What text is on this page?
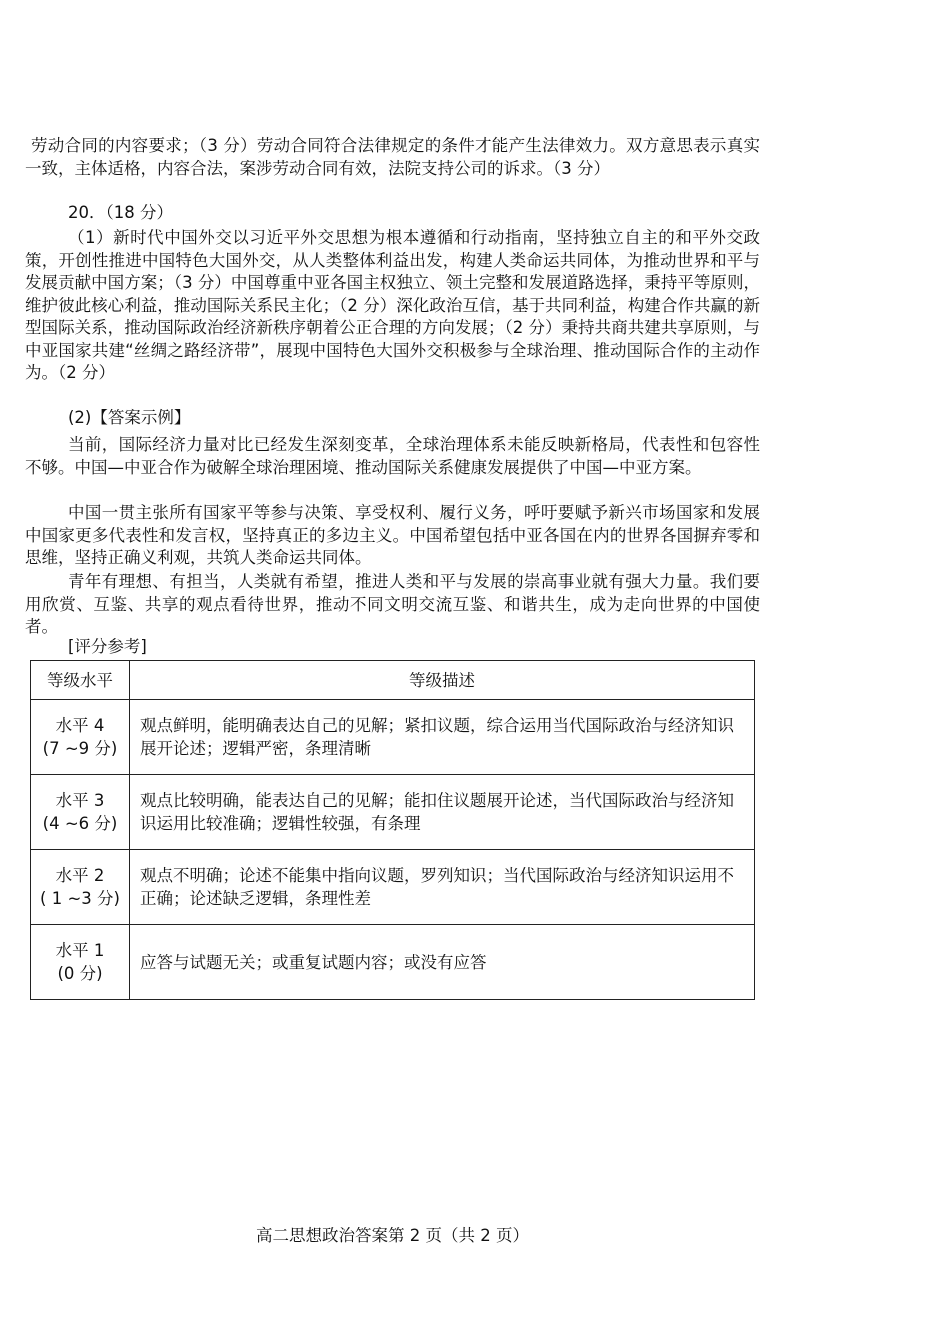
劳动合同的内容要求；（3 分）劳动合同符合法律规定的条件才能产生法律效力。双方意思表示真实一致，主体适格，内容合法，案涉劳动合同有效，法院支持公司的诉求。（3 分）

20．（18 分）

（1）新时代中国外交以习近平外交思想为根本遵循和行动指南，坚持独立自主的和平外交政策，开创性推进中国特色大国外交，从人类整体利益出发，构建人类命运共同体，为推动世界和平与发展贡献中国方案；（3 分）中国尊重中亚各国主权独立、领土完整和发展道路选择，秉持平等原则，维护彼此核心利益，推动国际关系民主化；（2 分）深化政治互信，基于共同利益，构建合作共赢的新型国际关系，推动国际政治经济新秩序朝着公正合理的方向发展；（2 分）秉持共商共建共享原则，与中亚国家共建“丝绸之路经济带”，展现中国特色大国外交积极参与全球治理、推动国际合作的主动作为。（2 分）

(2)【答案示例】

当前，国际经济力量对比已经发生深刻变革，全球治理体系未能反映新格局，代表性和包容性不够。中国—中亚合作为破解全球治理困境、推动国际关系健康发展提供了中国—中亚方案。

中国一贯主张所有国家平等参与决策、享受权利、履行义务，呼吁要赋予新兴市场国家和发展中国家更多代表性和发言权，坚持真正的多边主义。中国希望包括中亚各国在内的世界各国摒弃零和思维，坚持正确义利观，共筑人类命运共同体。

青年有理想、有担当，人类就有希望，推进人类和平与发展的崇高事业就有强大力量。我们要用欣赏、互鉴、共享的观点看待世界，推动不同文明交流互鉴、和谐共生，成为走向世界的中国使者。

[评分参考]

等级水平	等级描述

水平 4
(7 ~9 分)	观点鲜明，能明确表达自己的见解；紧扣议题，综合运用当代国际政治与经济知识展开论述；逻辑严密，条理清晰

水平 3
(4 ~6 分)	观点比较明确，能表达自己的见解；能扣住议题展开论述，当代国际政治与经济知识运用比较准确；逻辑性较强，有条理

水平 2
( 1 ~3 分)	观点不明确；论述不能集中指向议题，罗列知识；当代国际政治与经济知识运用不正确；论述缺乏逻辑，条理性差

水平 1
(0 分)	应答与试题无关；或重复试题内容；或没有应答
高二思想政治答案第 2 页（共 2 页）
